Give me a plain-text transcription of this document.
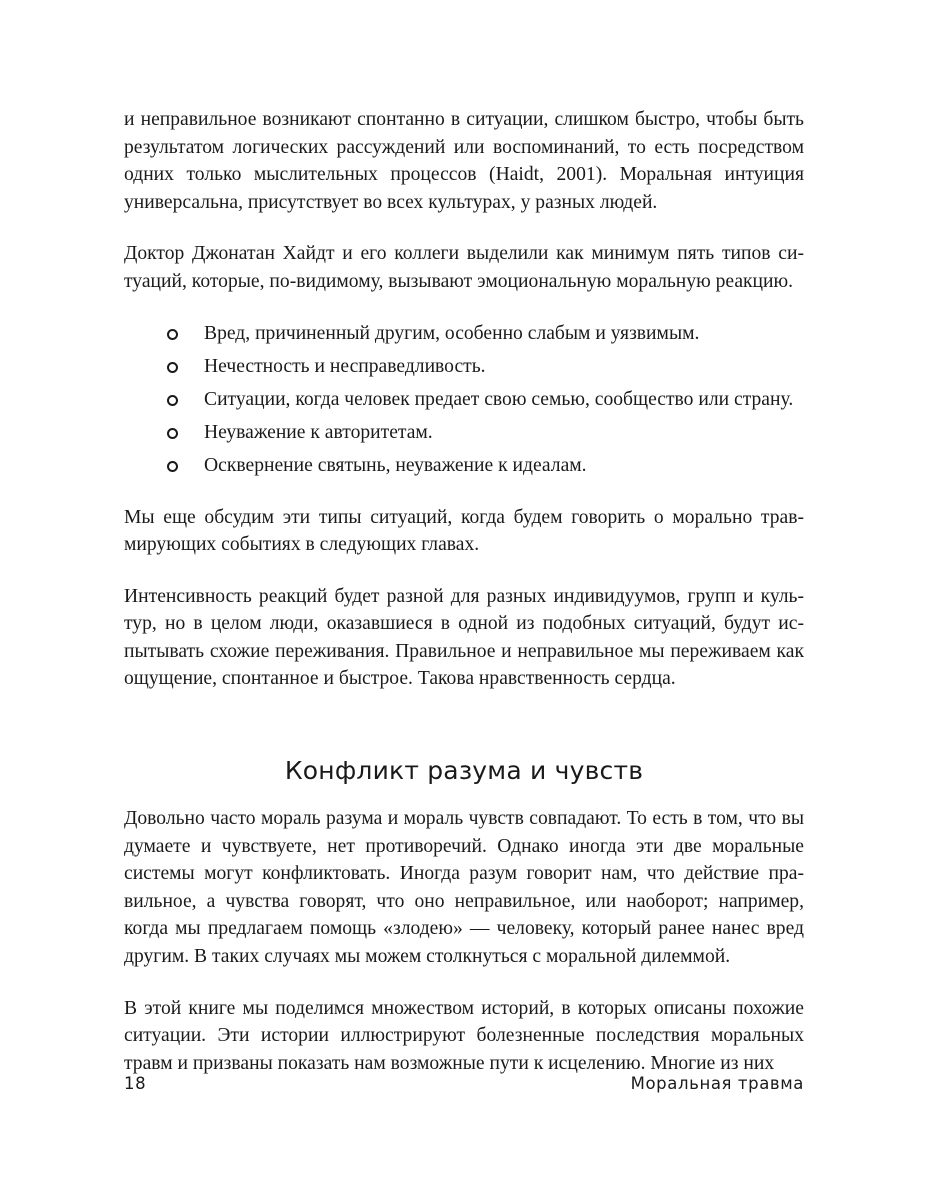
и неправильное возникают спонтанно в ситуации, слишком быстро, чтобы быть результатом логических рассуждений или воспоминаний, то есть посредством одних только мыслительных процессов (Haidt, 2001). Моральная интуиция универсальна, присутствует во всех культурах, у разных людей.

Доктор Джонатан Хайдт и его коллеги выделили как минимум пять типов ситуаций, которые, по-видимому, вызывают эмоциональную моральную реакцию.

Вред, причиненный другим, особенно слабым и уязвимым.
Нечестность и несправедливость.
Ситуации, когда человек предает свою семью, сообщество или страну.
Неуважение к авторитетам.
Осквернение святынь, неуважение к идеалам.

Мы еще обсудим эти типы ситуаций, когда будем говорить о морально травмирующих событиях в следующих главах.

Интенсивность реакций будет разной для разных индивидуумов, групп и культур, но в целом люди, оказавшиеся в одной из подобных ситуаций, будут испытывать схожие переживания. Правильное и неправильное мы переживаем как ощущение, спонтанное и быстрое. Такова нравственность сердца.

Конфликт разума и чувств

Довольно часто мораль разума и мораль чувств совпадают. То есть в том, что вы думаете и чувствуете, нет противоречий. Однако иногда эти две моральные системы могут конфликтовать. Иногда разум говорит нам, что действие правильное, а чувства говорят, что оно неправильное, или наоборот; например, когда мы предлагаем помощь «злодею» — человеку, который ранее нанес вред другим. В таких случаях мы можем столкнуться с моральной дилеммой.

В этой книге мы поделимся множеством историй, в которых описаны похожие ситуации. Эти истории иллюстрируют болезненные последствия моральных травм и призваны показать нам возможные пути к исцелению. Многие из них

18	Моральная травма
